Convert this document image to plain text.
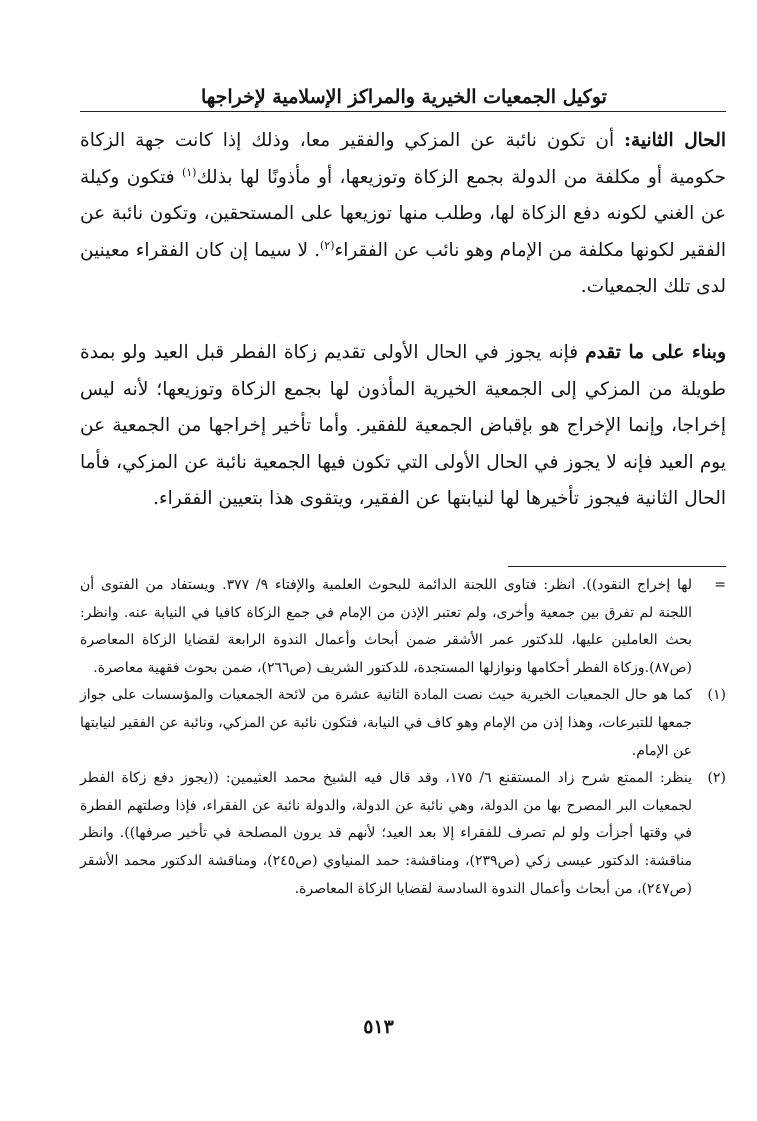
توكيل الجمعيات الخيرية والمراكز الإسلامية لإخراجها

الحال الثانية: أن تكون نائبة عن المزكي والفقير معا، وذلك إذا كانت جهة الزكاة حكومية أو مكلفة من الدولة بجمع الزكاة وتوزيعها، أو مأذونًا لها بذلك$^{(١)}$ فتكون وكيلة عن الغني لكونه دفع الزكاة لها، وطلب منها توزيعها على المستحقين، وتكون نائبة عن الفقير لكونها مكلفة من الإمام وهو نائب عن الفقراء$^{(٢)}$. لا سيما إن كان الفقراء معينين لدى تلك الجمعيات.

وبناء على ما تقدم فإنه يجوز في الحال الأولى تقديم زكاة الفطر قبل العيد ولو بمدة طويلة من المزكي إلى الجمعية الخيرية المأذون لها بجمع الزكاة وتوزيعها؛ لأنه ليس إخراجا، وإنما الإخراج هو بإقباض الجمعية للفقير. وأما تأخير إخراجها من الجمعية عن يوم العيد فإنه لا يجوز في الحال الأولى التي تكون فيها الجمعية نائبة عن المزكي، فأما الحال الثانية فيجوز تأخيرها لها لنيابتها عن الفقير، ويتقوى هذا بتعيين الفقراء.

=
لها إخراج النقود)). انظر: فتاوى اللجنة الدائمة للبحوث العلمية والإفتاء ٩/ ٣٧٧. ويستفاد من الفتوى أن اللجنة لم تفرق بين جمعية وأخرى، ولم تعتبر الإذن من الإمام في جمع الزكاة كافيا في النيابة عنه. وانظر: بحث العاملين عليها، للدكتور عمر الأشقر ضمن أبحاث وأعمال الندوة الرابعة لقضايا الزكاة المعاصرة (ص٨٧).وزكاة الفطر أحكامها ونوازلها المستجدة، للدكتور الشريف (ص٢٦٦)، ضمن بحوث فقهية معاصرة.
(١)
كما هو حال الجمعيات الخيرية حيث نصت المادة الثانية عشرة من لائحة الجمعيات والمؤسسات على جواز جمعها للتبرعات، وهذا إذن من الإمام وهو كاف في النيابة، فتكون نائبة عن المزكي، ونائبة عن الفقير لنيابتها عن الإمام.
(٢)
ينظر: الممتع شرح زاد المستقنع ٦/ ١٧٥، وقد قال فيه الشيخ محمد العثيمين: ((يجوز دفع زكاة الفطر لجمعيات البر المصرح بها من الدولة، وهي نائبة عن الدولة، والدولة نائبة عن الفقراء، فإذا وصلتهم الفطرة في وقتها أجزأت ولو لم تصرف للفقراء إلا بعد العيد؛ لأنهم قد يرون المصلحة في تأخير صرفها)). وانظر مناقشة: الدكتور عيسى زكي (ص٢٣٩)، ومناقشة: حمد المنياوي (ص٢٤٥)، ومناقشة الدكتور محمد الأشقر (ص٢٤٧)، من أبحاث وأعمال الندوة السادسة لقضايا الزكاة المعاصرة.
٥١٣
